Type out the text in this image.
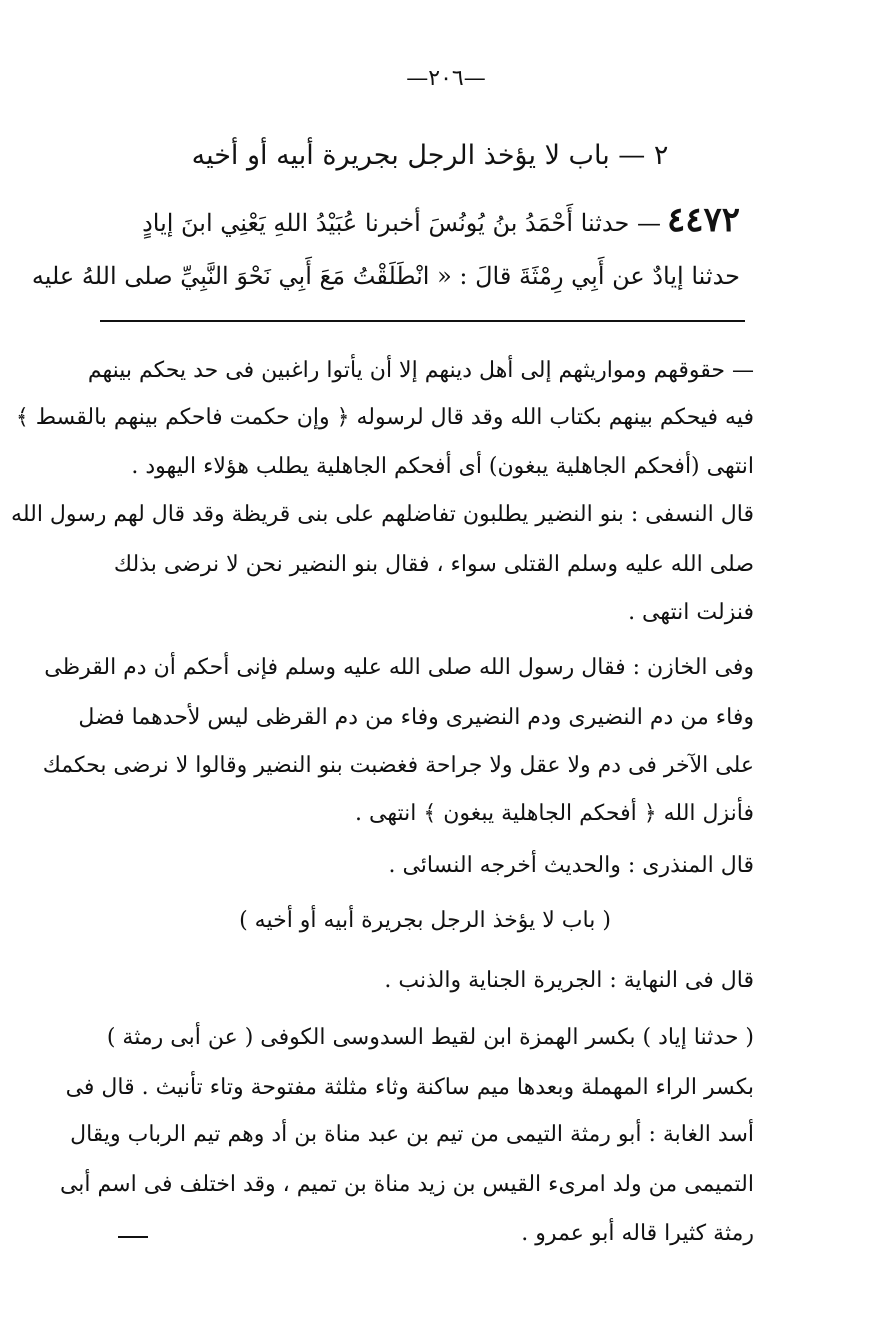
—٢٠٦—
٢ — باب لا يؤخذ الرجل بجريرة أبيه أو أخيه
٤٤٧٢— حدثنا أَحْمَدُ بنُ يُونُسَ أخبرنا عُبَيْدُ اللهِ يَعْنِي ابنَ إيادٍ
حدثنا إيادٌ عن أَبِي رِمْثَةَ قالَ : « انْطَلَقْتُ مَعَ أَبِي نَحْوَ النَّبِيِّ صلى اللهُ عليه
— حقوقهم ومواريثهم إلى أهل دينهم إلا أن يأتوا راغبين فى حد يحكم بينهم
فيه فيحكم بينهم بكتاب الله وقد قال لرسوله ﴿ وإن حكمت فاحكم بينهم بالقسط ﴾
انتهى (أفحكم الجاهلية يبغون) أى أفحكم الجاهلية يطلب هؤلاء اليهود .
قال النسفى : بنو النضير يطلبون تفاضلهم على بنى قريظة وقد قال لهم رسول الله
صلى الله عليه وسلم القتلى سواء ، فقال بنو النضير نحن لا نرضى بذلك
فنزلت انتهى .
وفى الخازن : فقال رسول الله صلى الله عليه وسلم فإنى أحكم أن دم القرظى
وفاء من دم النضيرى ودم النضيرى وفاء من دم القرظى ليس لأحدهما فضل
على الآخر فى دم ولا عقل ولا جراحة فغضبت بنو النضير وقالوا لا نرضى بحكمك
فأنزل الله ﴿ أفحكم الجاهلية يبغون ﴾ انتهى .
قال المنذرى : والحديث أخرجه النسائى .
( باب لا يؤخذ الرجل بجريرة أبيه أو أخيه )
قال فى النهاية : الجريرة الجناية والذنب .
( حدثنا إياد ) بكسر الهمزة ابن لقيط السدوسى الكوفى ( عن أبى رمثة )
بكسر الراء المهملة وبعدها ميم ساكنة وثاء مثلثة مفتوحة وتاء تأنيث . قال فى
أسد الغابة : أبو رمثة التيمى من تيم بن عبد مناة بن أد وهم تيم الرباب ويقال
التميمى من ولد امرىء القيس بن زيد مناة بن تميم ، وقد اختلف فى اسم أبى
رمثة كثيرا قاله أبو عمرو .
